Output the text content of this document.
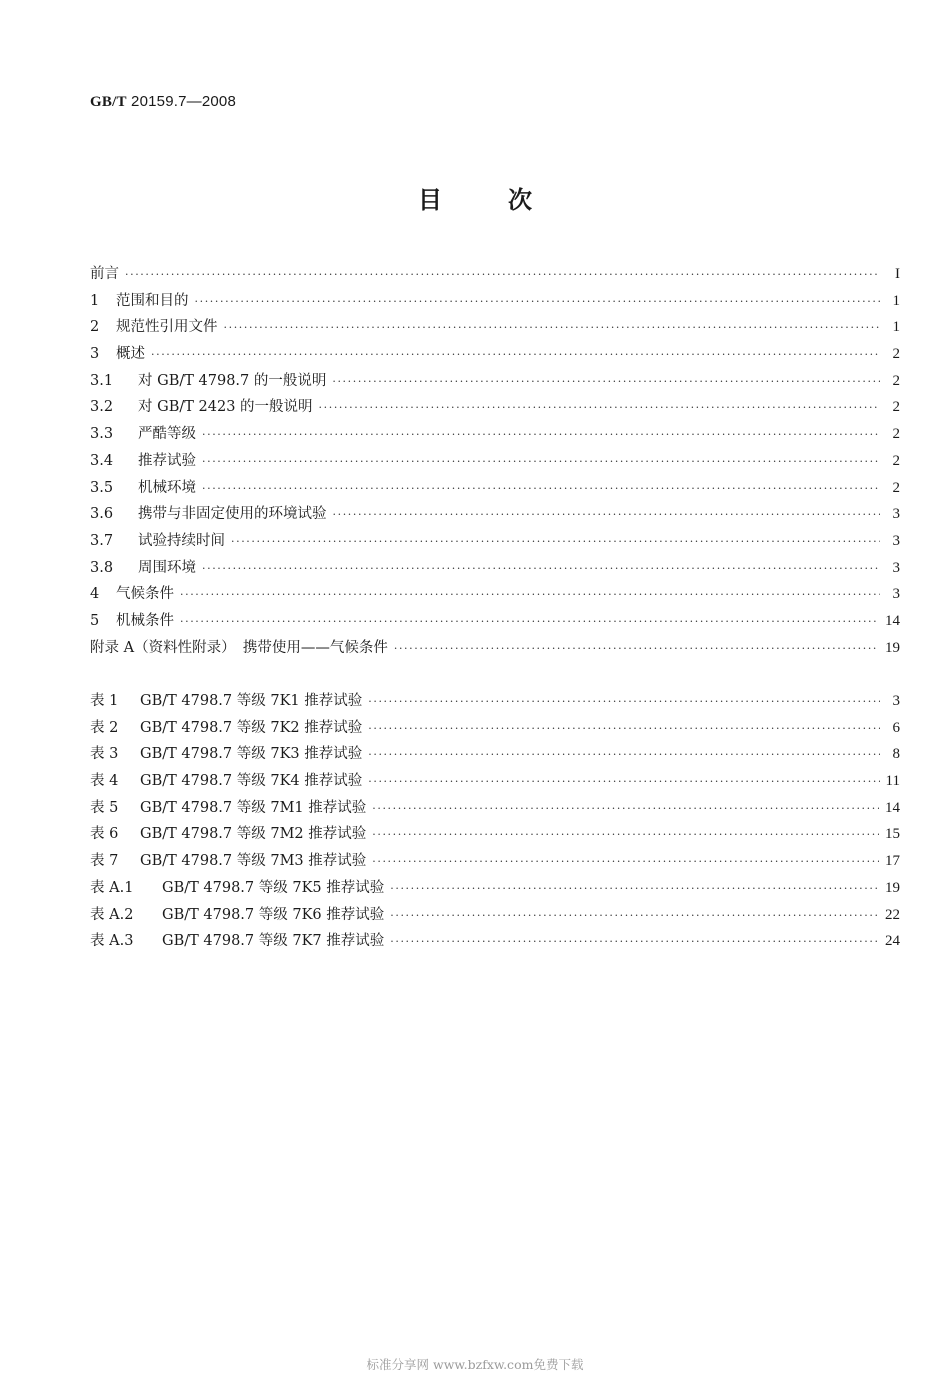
GB/T 20159.7—2008
目次
前言 ·····	I
1	范围和目的 ·····	1
2	规范性引用文件 ·····	1
3	概述 ·····	2
3.1	对 GB/T 4798.7 的一般说明 ·····	2
3.2	对 GB/T 2423 的一般说明 ·····	2
3.3	严酷等级 ·····	2
3.4	推荐试验 ·····	2
3.5	机械环境 ·····	2
3.6	携带与非固定使用的环境试验 ·····	3
3.7	试验持续时间 ·····	3
3.8	周围环境 ·····	3
4	气候条件 ·····	3
5	机械条件 ·····	14
附录 A（资料性附录）　携带使用——气候条件 ·····	19
表 1	GB/T 4798.7 等级 7K1 推荐试验 ·····	3
表 2	GB/T 4798.7 等级 7K2 推荐试验 ·····	6
表 3	GB/T 4798.7 等级 7K3 推荐试验 ·····	8
表 4	GB/T 4798.7 等级 7K4 推荐试验 ·····	11
表 5	GB/T 4798.7 等级 7M1 推荐试验 ·····	14
表 6	GB/T 4798.7 等级 7M2 推荐试验 ·····	15
表 7	GB/T 4798.7 等级 7M3 推荐试验 ·····	17
表 A.1	GB/T 4798.7 等级 7K5 推荐试验 ·····	19
表 A.2	GB/T 4798.7 等级 7K6 推荐试验 ·····	22
表 A.3	GB/T 4798.7 等级 7K7 推荐试验 ·····	24
标准分享网 www.bzfxw.com免费下载
